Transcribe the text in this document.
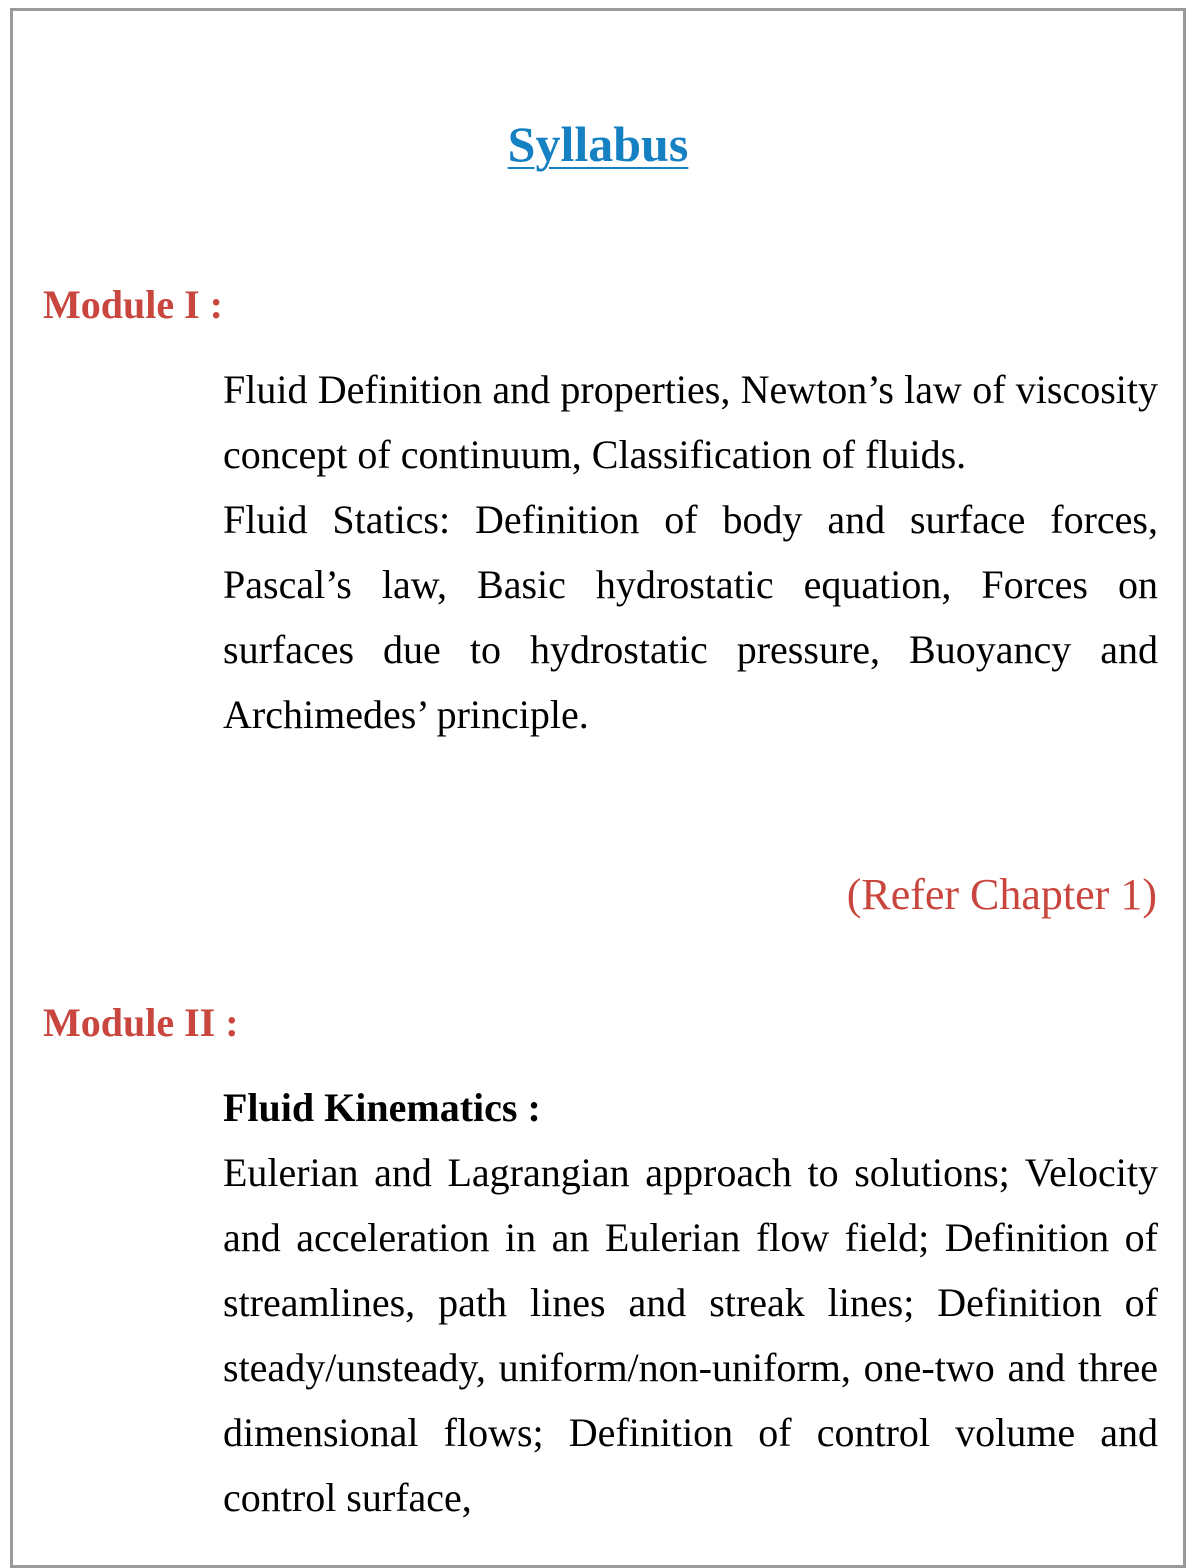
Syllabus
Module I :

Fluid Definition and properties, Newton’s law of viscosity concept of continuum, Classification of fluids.

Fluid Statics: Definition of body and surface forces, Pascal’s law, Basic hydrostatic equation, Forces on surfaces due to hydrostatic pressure, Buoyancy and Archimedes’ principle.

(Refer Chapter 1)
Module II :

Fluid Kinematics :

Eulerian and Lagrangian approach to solutions; Velocity and acceleration in an Eulerian flow field; Definition of streamlines, path lines and streak lines; Definition of steady/unsteady, uniform/non-uniform, one-two and three dimensional flows; Definition of control volume and control surface,
